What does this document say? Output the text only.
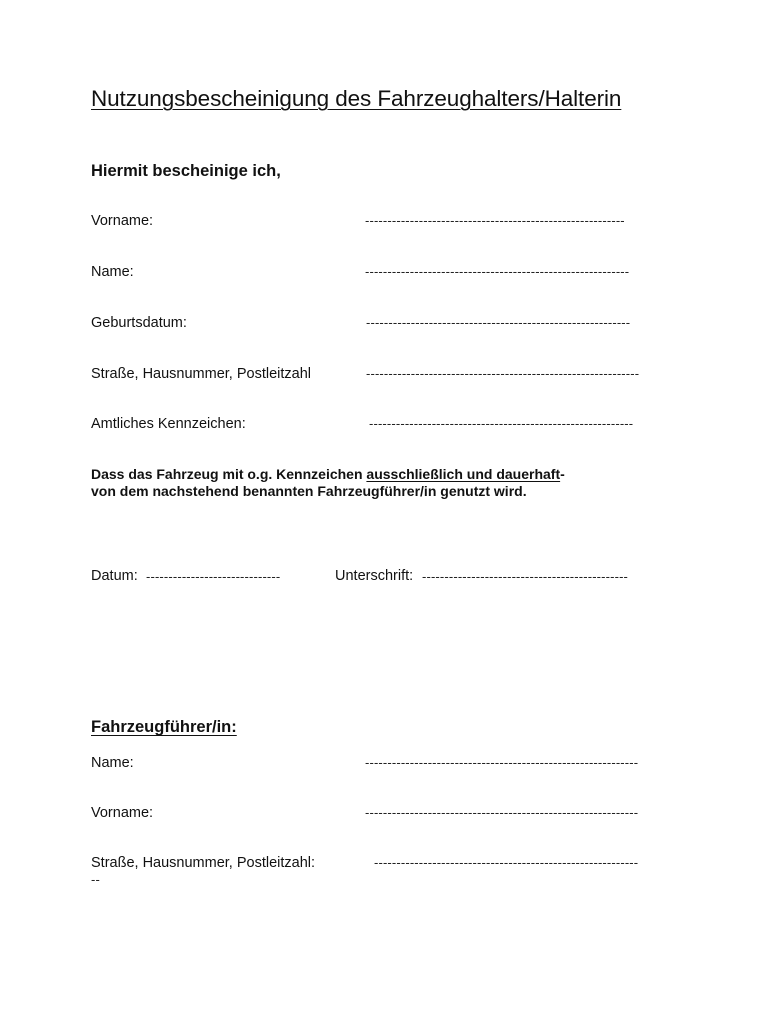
Nutzungsbescheinigung des Fahrzeughalters/Halterin
Hiermit bescheinige ich,
Vorname:	----------------------------------------------------------
Name:	-----------------------------------------------------------
Geburtsdatum:	-----------------------------------------------------------
Straße, Hausnummer, Postleitzahl	-------------------------------------------------------------
Amtliches Kennzeichen:	-----------------------------------------------------------
Dass das Fahrzeug mit o.g. Kennzeichen ausschließlich und dauerhaft-
von dem nachstehend benannten Fahrzeugführer/in genutzt wird.
Datum: ------------------------------	Unterschrift: ----------------------------------------------
Fahrzeugführer/in:
Name:	-------------------------------------------------------------
Vorname:	-------------------------------------------------------------
Straße, Hausnummer, Postleitzahl:	-----------------------------------------------------------
--
